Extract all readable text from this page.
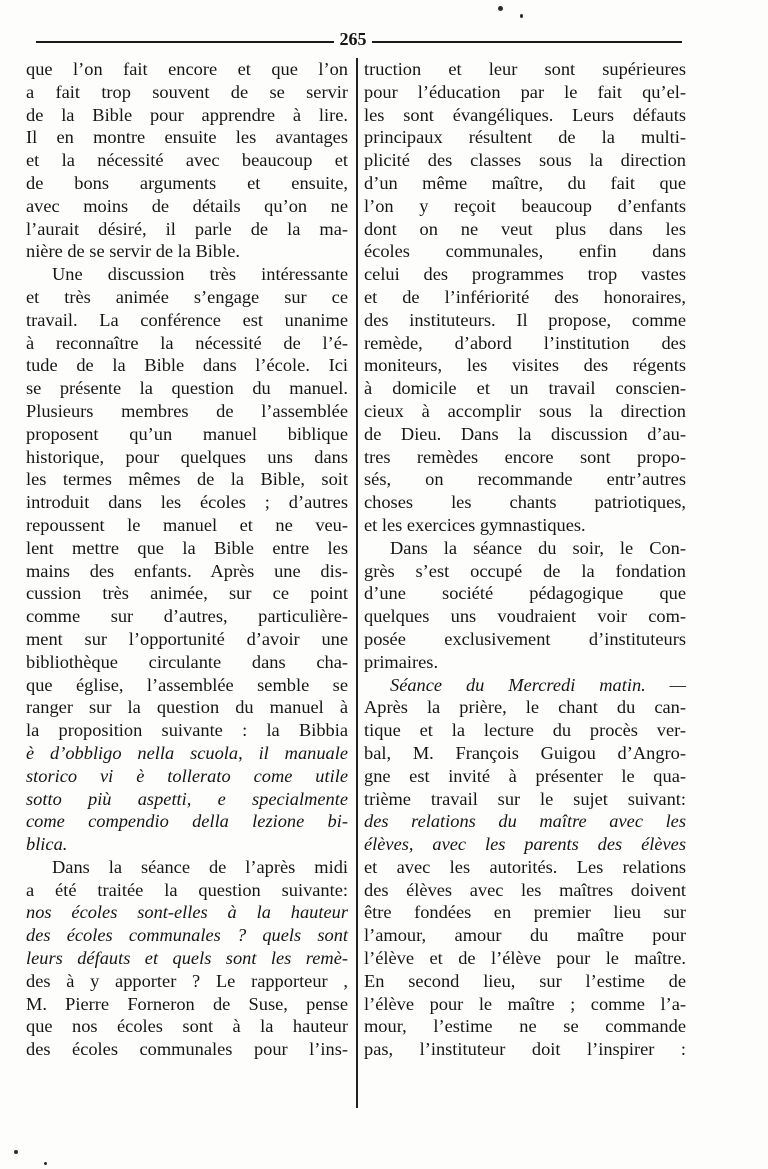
265
que l’on fait encore et que l’on
a fait trop souvent de se servir
de la Bible pour apprendre à lire.
Il en montre ensuite les avantages
et la nécessité avec beaucoup et
de bons arguments et ensuite,
avec moins de détails qu’on ne
l’aurait désiré, il parle de la ma-
nière de se servir de la Bible.
Une discussion très intéressante
et très animée s’engage sur ce
travail. La conférence est unanime
à reconnaître la nécessité de l’é-
tude de la Bible dans l’école. Ici
se présente la question du manuel.
Plusieurs membres de l’assemblée
proposent qu’un manuel biblique
historique, pour quelques uns dans
les termes mêmes de la Bible, soit
introduit dans les écoles ; d’autres
repoussent le manuel et ne veu-
lent mettre que la Bible entre les
mains des enfants. Après une dis-
cussion très animée, sur ce point
comme sur d’autres, particulière-
ment sur l’opportunité d’avoir une
bibliothèque circulante dans cha-
que église, l’assemblée semble se
ranger sur la question du manuel à
la proposition suivante : la Bibbia
è d’obbligo nella scuola, il manuale
storico vi è tollerato come utile
sotto più aspetti, e specialmente
come compendio della lezione bi-
blica.
Dans la séance de l’après midi
a été traitée la question suivante:
nos écoles sont-elles à la hauteur
des écoles communales ? quels sont
leurs défauts et quels sont les remè-
des à y apporter ? Le rapporteur ,
M. Pierre Forneron de Suse, pense
que nos écoles sont à la hauteur
des écoles communales pour l’ins-
truction et leur sont supérieures
pour l’éducation par le fait qu’el-
les sont évangéliques. Leurs défauts
principaux résultent de la multi-
plicité des classes sous la direction
d’un même maître, du fait que
l’on y reçoit beaucoup d’enfants
dont on ne veut plus dans les
écoles communales, enfin dans
celui des programmes trop vastes
et de l’infériorité des honoraires,
des instituteurs. Il propose, comme
remède, d’abord l’institution des
moniteurs, les visites des régents
à domicile et un travail conscien-
cieux à accomplir sous la direction
de Dieu. Dans la discussion d’au-
tres remèdes encore sont propo-
sés, on recommande entr’autres
choses les chants patriotiques,
et les exercices gymnastiques.
Dans la séance du soir, le Con-
grès s’est occupé de la fondation
d’une société pédagogique que
quelques uns voudraient voir com-
posée exclusivement d’instituteurs
primaires.
Séance du Mercredi matin. —
Après la prière, le chant du can-
tique et la lecture du procès ver-
bal, M. François Guigou d’Angro-
gne est invité à présenter le qua-
trième travail sur le sujet suivant:
des relations du maître avec les
élèves, avec les parents des élèves
et avec les autorités. Les relations
des élèves avec les maîtres doivent
être fondées en premier lieu sur
l’amour, amour du maître pour
l’élève et de l’élève pour le maître.
En second lieu, sur l’estime de
l’élève pour le maître ; comme l’a-
mour, l’estime ne se commande
pas, l’instituteur doit l’inspirer :
